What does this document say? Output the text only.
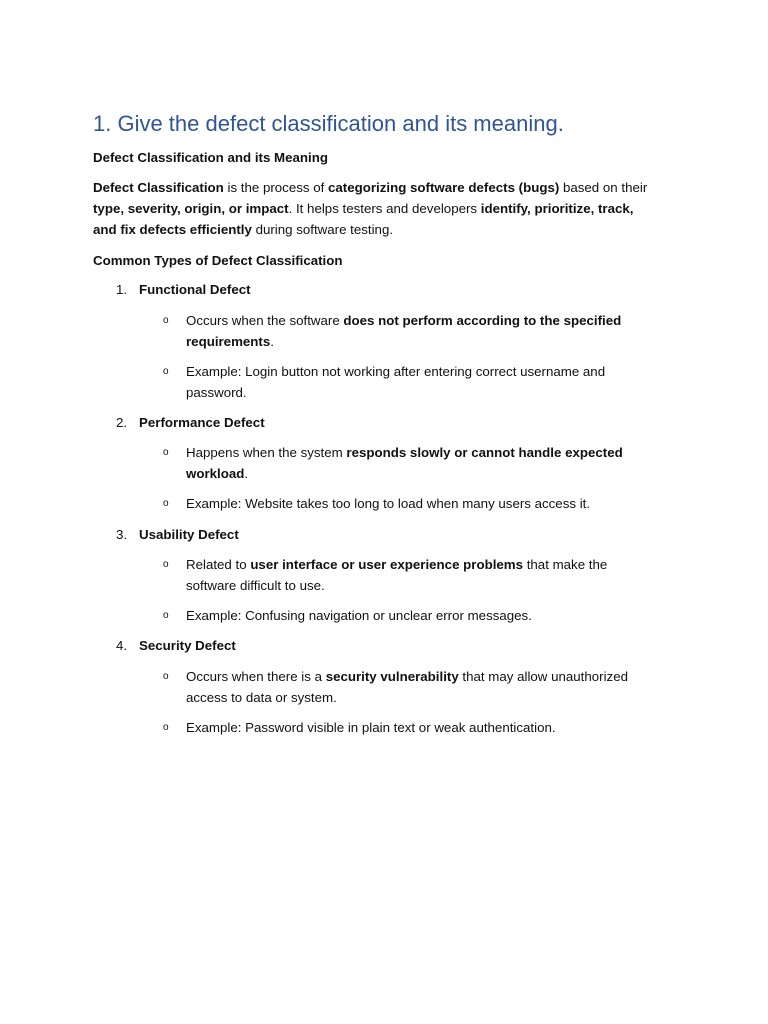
1. Give the defect classification and its meaning.

Defect Classification and its Meaning

Defect Classification is the process of categorizing software defects (bugs) based on their

type, severity, origin, or impact. It helps testers and developers identify, prioritize, track,

and fix defects efficiently during software testing.

Common Types of Defect Classification

1. Functional Defect

o	Occurs when the software does not perform according to the specified
requirements.
o	Example: Login button not working after entering correct username and
password.

2. Performance Defect

o	Happens when the system responds slowly or cannot handle expected
workload.
o	Example: Website takes too long to load when many users access it.

3. Usability Defect

o	Related to user interface or user experience problems that make the
software difficult to use.
o	Example: Confusing navigation or unclear error messages.

4. Security Defect

o	Occurs when there is a security vulnerability that may allow unauthorized
access to data or system.
o	Example: Password visible in plain text or weak authentication.
